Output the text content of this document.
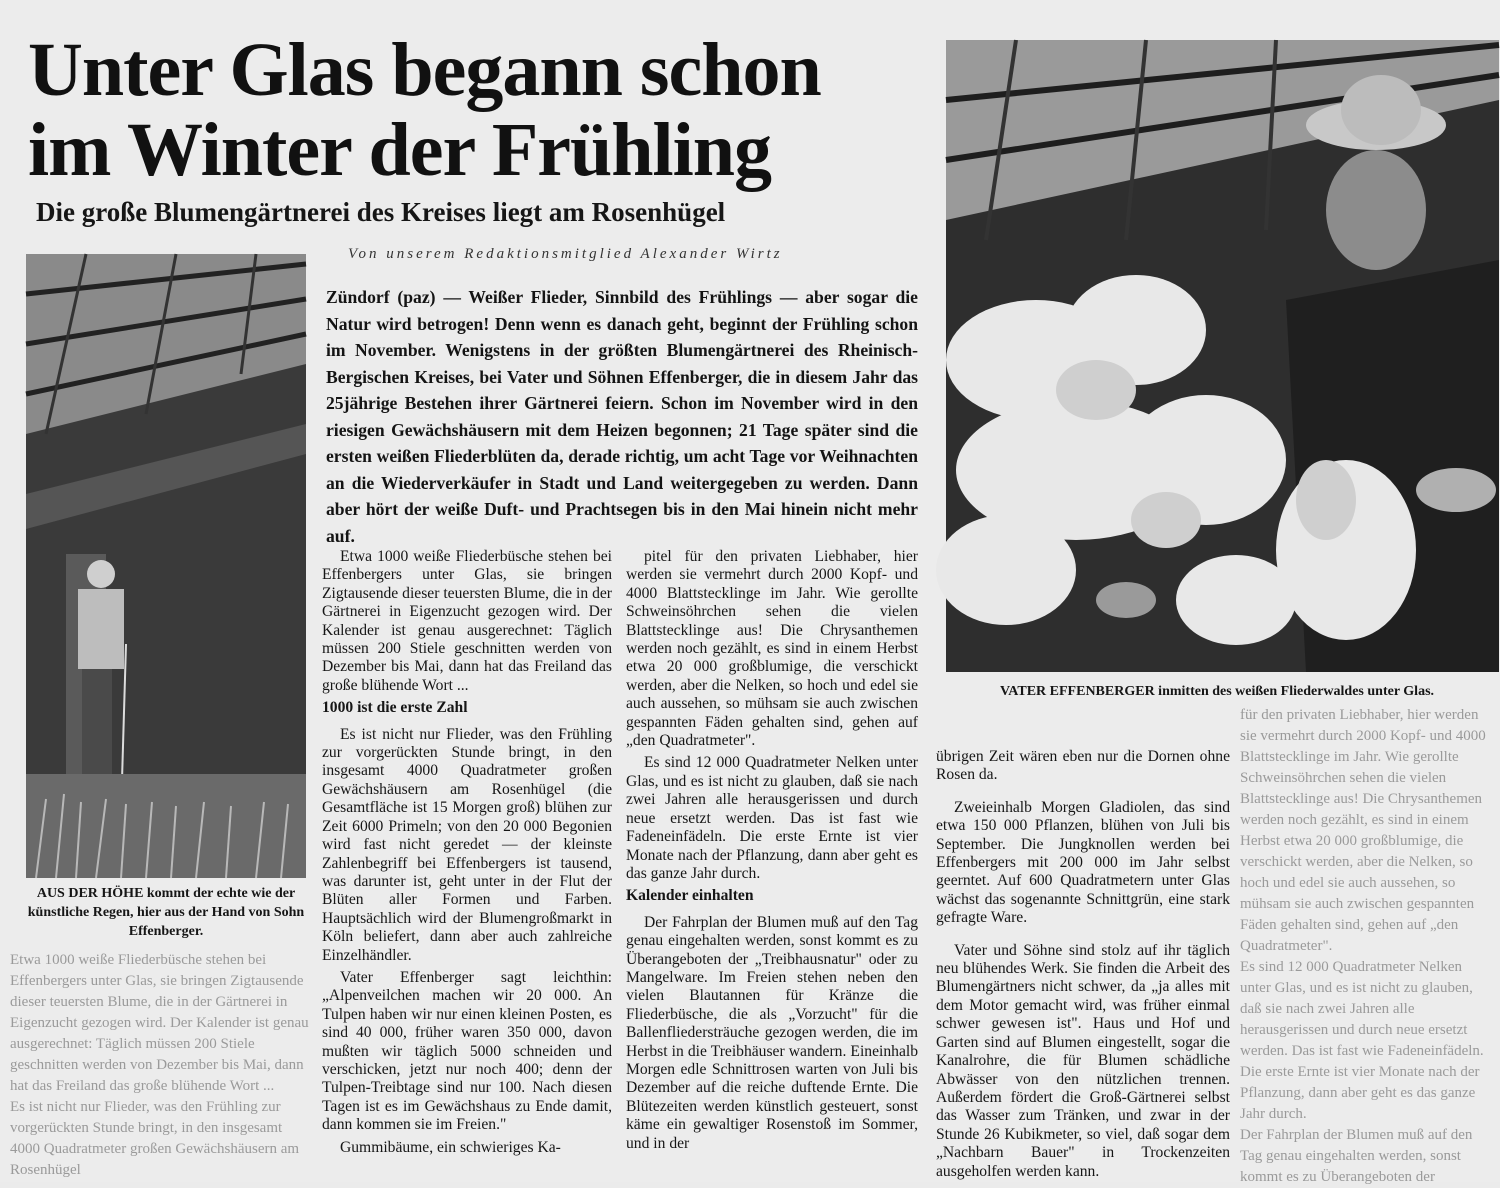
für den privaten Liebhaber, hier werden sie vermehrt durch 2000 Kopf- und 4000 Blattstecklinge im Jahr. Wie gerollte Schweinsöhrchen sehen die vielen Blattstecklinge aus! Die Chrysanthemen werden noch gezählt, es sind in einem Herbst etwa 20 000 großblumige, die verschickt werden, aber die Nelken, so hoch und edel sie auch aussehen, so mühsam sie auch zwischen gespannten Fäden gehalten sind, gehen auf „den Quadratmeter".
Es sind 12 000 Quadratmeter Nelken unter Glas, und es ist nicht zu glauben, daß sie nach zwei Jahren alle herausgerissen und durch neue ersetzt werden. Das ist fast wie Fadeneinfädeln. Die erste Ernte ist vier Monate nach der Pflanzung, dann aber geht es das ganze Jahr durch.
Der Fahrplan der Blumen muß auf den Tag genau eingehalten werden, sonst kommt es zu Überangeboten der
Etwa 1000 weiße Fliederbüsche stehen bei Effenbergers unter Glas, sie bringen Zigtausende dieser teuersten Blume, die in der Gärtnerei in Eigenzucht gezogen wird. Der Kalender ist genau ausgerechnet: Täglich müssen 200 Stiele geschnitten werden von Dezember bis Mai, dann hat das Freiland das große blühende Wort ...
Es ist nicht nur Flieder, was den Frühling zur vorgerückten Stunde bringt, in den insgesamt 4000 Quadratmeter großen Gewächshäusern am Rosenhügel
Unter Glas begann schon
im Winter der Frühling
Die große Blumengärtnerei des Kreises liegt am Rosenhügel

Von unserem Redaktionsmitglied Alexander Wirtz

AUS DER HÖHE kommt der echte wie der künstliche Regen, hier aus der Hand von Sohn Effenberger.

Zündorf (paz) — Weißer Flieder, Sinnbild des Frühlings — aber sogar die Natur wird betrogen! Denn wenn es danach geht, beginnt der Frühling schon im November. Wenigstens in der größten Blumengärtnerei des Rheinisch-Bergischen Kreises, bei Vater und Söhnen Effenberger, die in diesem Jahr das 25jährige Bestehen ihrer Gärtnerei feiern. Schon im November wird in den riesigen Gewächshäusern mit dem Heizen begonnen; 21 Tage später sind die ersten weißen Fliederblüten da, derade richtig, um acht Tage vor Weihnachten an die Wiederverkäufer in Stadt und Land weitergegeben zu werden. Dann aber hört der weiße Duft- und Prachtsegen bis in den Mai hinein nicht mehr auf.

Etwa 1000 weiße Fliederbüsche stehen bei Effenbergers unter Glas, sie bringen Zigtausende dieser teuersten Blume, die in der Gärtnerei in Eigenzucht gezogen wird. Der Kalender ist genau ausgerechnet: Täglich müssen 200 Stiele geschnitten werden von Dezember bis Mai, dann hat das Freiland das große blühende Wort ...

1000 ist die erste Zahl

Es ist nicht nur Flieder, was den Frühling zur vorgerückten Stunde bringt, in den insgesamt 4000 Quadratmeter großen Gewächshäusern am Rosenhügel (die Gesamtfläche ist 15 Morgen groß) blühen zur Zeit 6000 Primeln; von den 20 000 Begonien wird fast nicht geredet — der kleinste Zahlenbegriff bei Effenbergers ist tausend, was darunter ist, geht unter in der Flut der Blüten aller Formen und Farben. Hauptsächlich wird der Blumengroßmarkt in Köln beliefert, dann aber auch zahlreiche Einzelhändler.

Vater Effenberger sagt leichthin: „Alpenveilchen machen wir 20 000. An Tulpen haben wir nur einen kleinen Posten, es sind 40 000, früher waren 350 000, davon mußten wir täglich 5000 schneiden und verschicken, jetzt nur noch 400; denn der Tulpen-Treibtage sind nur 100. Nach diesen Tagen ist es im Gewächshaus zu Ende damit, dann kommen sie im Freien."

Gummibäume, ein schwieriges Ka-

pitel für den privaten Liebhaber, hier werden sie vermehrt durch 2000 Kopf- und 4000 Blattstecklinge im Jahr. Wie gerollte Schweinsöhrchen sehen die vielen Blattstecklinge aus! Die Chrysanthemen werden noch gezählt, es sind in einem Herbst etwa 20 000 großblumige, die verschickt werden, aber die Nelken, so hoch und edel sie auch aussehen, so mühsam sie auch zwischen gespannten Fäden gehalten sind, gehen auf „den Quadratmeter".

Es sind 12 000 Quadratmeter Nelken unter Glas, und es ist nicht zu glauben, daß sie nach zwei Jahren alle herausgerissen und durch neue ersetzt werden. Das ist fast wie Fadeneinfädeln. Die erste Ernte ist vier Monate nach der Pflanzung, dann aber geht es das ganze Jahr durch.

Kalender einhalten

Der Fahrplan der Blumen muß auf den Tag genau eingehalten werden, sonst kommt es zu Überangeboten der „Treibhausnatur" oder zu Mangelware. Im Freien stehen neben den vielen Blautannen für Kränze die Fliederbüsche, die als „Vorzucht" für die Ballenfliedersträuche gezogen werden, die im Herbst in die Treibhäuser wandern. Eineinhalb Morgen edle Schnittrosen warten von Juli bis Dezember auf die reiche duftende Ernte. Die Blütezeiten werden künstlich gesteuert, sonst käme ein gewaltiger Rosenstoß im Sommer, und in der

VATER EFFENBERGER inmitten des weißen Fliederwaldes unter Glas.

übrigen Zeit wären eben nur die Dornen ohne Rosen da.

Zweieinhalb Morgen Gladiolen, das sind etwa 150 000 Pflanzen, blühen von Juli bis September. Die Jungknollen werden bei Effenbergers mit 200 000 im Jahr selbst geerntet. Auf 600 Quadratmetern unter Glas wächst das sogenannte Schnittgrün, eine stark gefragte Ware.

Vater und Söhne sind stolz auf ihr täglich neu blühendes Werk. Sie finden die Arbeit des Blumengärtners nicht schwer, da „ja alles mit dem Motor gemacht wird, was früher einmal schwer gewesen ist". Haus und Hof und Garten sind auf Blumen eingestellt, sogar die Kanalrohre, die für Blumen schädliche Abwässer von den nützlichen trennen. Außerdem fördert die Groß-Gärtnerei selbst das Wasser zum Tränken, und zwar in der Stunde 26 Kubikmeter, so viel, daß sogar dem „Nachbarn Bauer" in Trockenzeiten ausgeholfen werden kann.
